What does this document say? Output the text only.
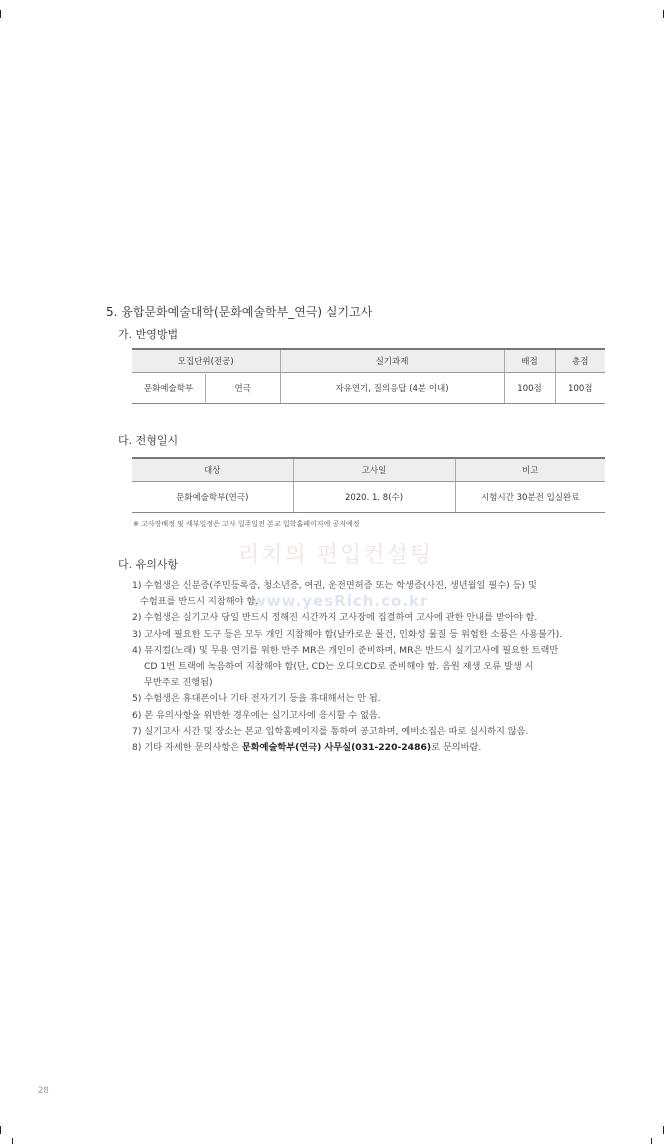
5. 융합문화예술대학(문화예술학부_연극) 실기고사
가. 반영방법
모집단위(전공)	실기과제	배점	총점

문화예술학부 연극	자유연기, 질의응답 (4분 이내)	100점	100점
다. 전형일시
대상	고사일	비고
문화예술학부(연극)	2020. 1. 8(수)	시험시간 30분전 입실완료
※ 고사장배정 및 세부일정은 고사 일주일전 본교 입학홈페이지에 공지예정
다. 유의사항	리치의 편입컨설팅
www.yesRich.co.kr
1) 수험생은 신분증(주민등록증, 청소년증, 여권, 운전면허증 또는 학생증(사진, 생년월일 필수) 등) 및
수험표를 반드시 지참해야 함.
2) 수험생은 실기고사 당일 반드시 정해진 시간까지 고사장에 집결하여 고사에 관한 안내를 받아야 함.
3) 고사에 필요한 도구 등은 모두 개인 지참해야 함(날카로운 물건, 인화성 물질 등 위험한 소품은 사용불가).
4) 뮤지컬(노래) 및 무용 연기를 위한 반주 MR은 개인이 준비하며, MR은 반드시 실기고사에 필요한 트랙만
CD 1번 트랙에 녹음하여 지참해야 함(단, CD는 오디오CD로 준비해야 함. 음원 재생 오류 발생 시
무반주로 진행됨)
5) 수험생은 휴대폰이나 기타 전자기기 등을 휴대해서는 안 됨.
6) 본 유의사항을 위반한 경우에는 실기고사에 응시할 수 없음.
7) 실기고사 시간 및 장소는 본교 입학홈페이지를 통하여 공고하며, 예비소집은 따로 실시하지 않음.
8) 기타 자세한 문의사항은 문화예술학부(연극) 사무실(031-220-2486)로 문의바람.
28
